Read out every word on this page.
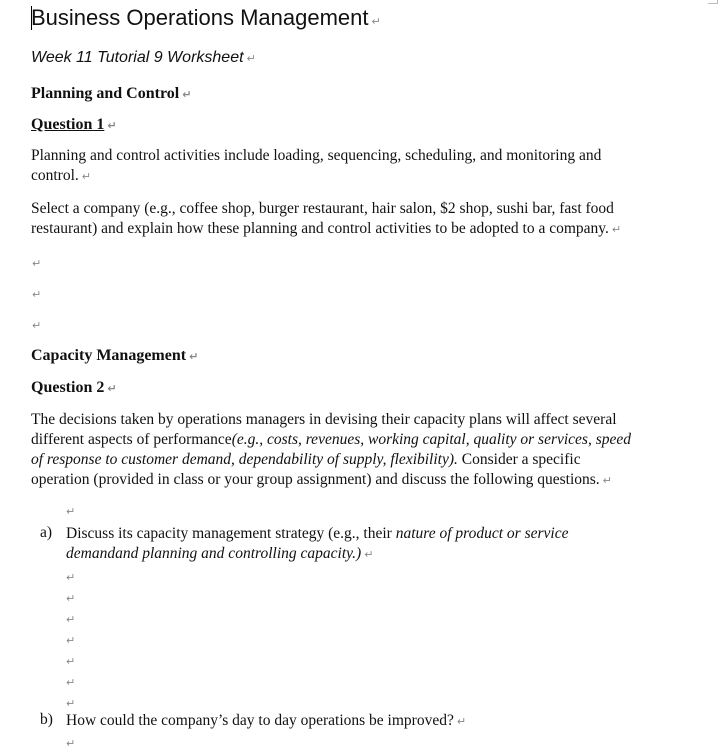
Business Operations Management ↵
Week 11 Tutorial 9 Worksheet ↵
Planning and Control ↵
Question 1 ↵
Planning and control activities include loading, sequencing, scheduling, and monitoring and
control. ↵
Select a company (e.g., coffee shop, burger restaurant, hair salon, $2 shop, sushi bar, fast food
restaurant) and explain how these planning and control activities to be adopted to a company. ↵
↵
↵
↵
Capacity Management ↵
Question 2 ↵
The decisions taken by operations managers in devising their capacity plans will affect several
different aspects of performance(e.g., costs, revenues, working capital, quality or services, speed
of response to customer demand, dependability of supply, flexibility). Consider a specific
operation (provided in class or your group assignment) and discuss the following questions. ↵
↵
a) Discuss its capacity management strategy (e.g., their nature of product or service
demandand planning and controlling capacity.) ↵
↵
↵
↵
↵
↵
↵
↵
b) How could the company’s day to day operations be improved? ↵
↵
